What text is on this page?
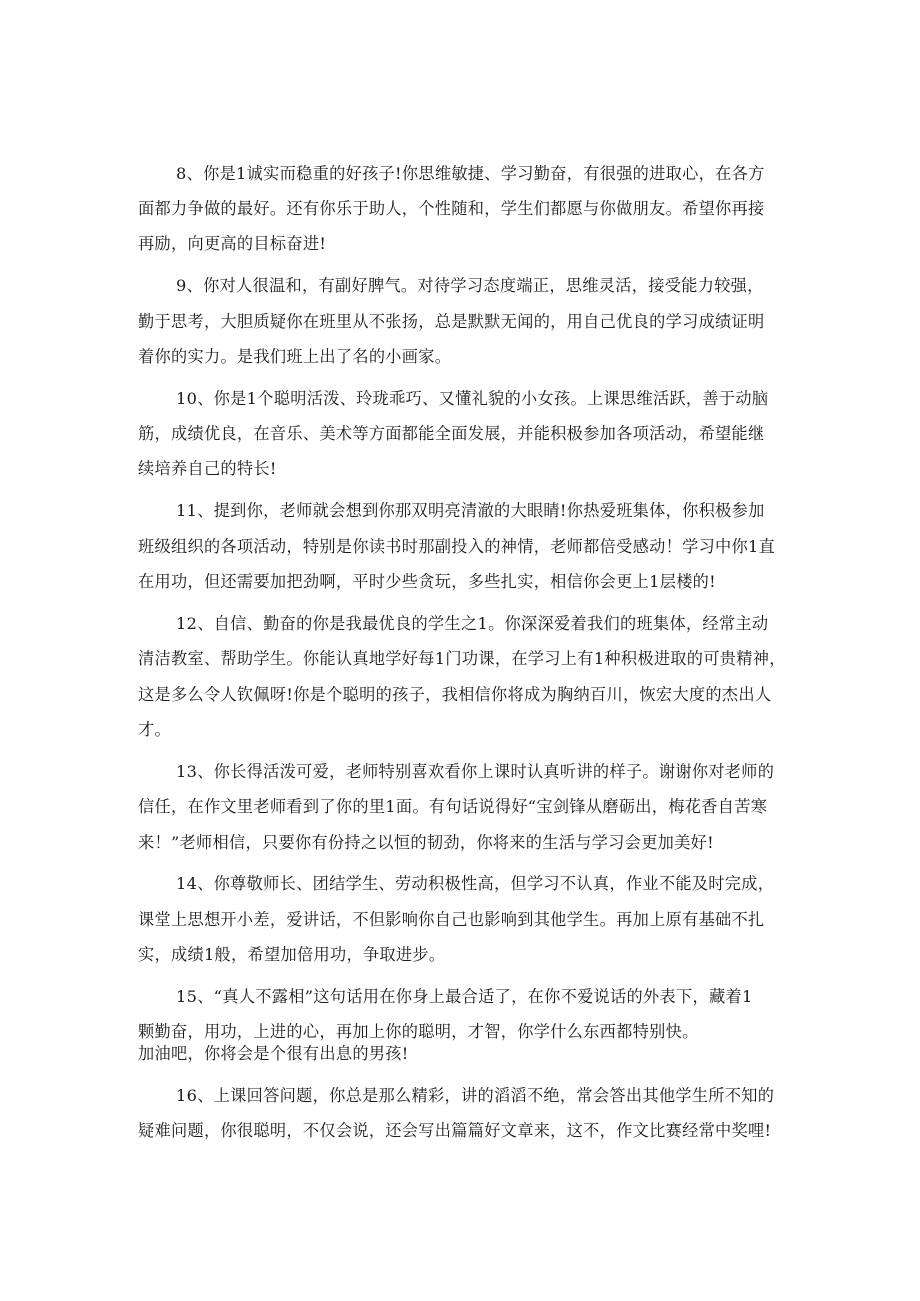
8、你是1诚实而稳重的好孩子!你思维敏捷、学习勤奋，有很强的进取心，在各方
面都力争做的最好。还有你乐于助人，个性随和，学生们都愿与你做朋友。希望你再接
再励，向更高的目标奋进!
9、你对人很温和，有副好脾气。对待学习态度端正，思维灵活，接受能力较强，
勤于思考，大胆质疑你在班里从不张扬，总是默默无闻的，用自己优良的学习成绩证明
着你的实力。是我们班上出了名的小画家。
10、你是1个聪明活泼、玲珑乖巧、又懂礼貌的小女孩。上课思维活跃，善于动脑
筋，成绩优良，在音乐、美术等方面都能全面发展，并能积极参加各项活动，希望能继
续培养自己的特长!
11、提到你，老师就会想到你那双明亮清澈的大眼睛!你热爱班集体，你积极参加
班级组织的各项活动，特别是你读书时那副投入的神情，老师都倍受感动！学习中你1直
在用功，但还需要加把劲啊，平时少些贪玩，多些扎实，相信你会更上1层楼的!
12、自信、勤奋的你是我最优良的学生之1。你深深爱着我们的班集体，经常主动
清洁教室、帮助学生。你能认真地学好每1门功课，在学习上有1种积极进取的可贵精神，
这是多么令人钦佩呀!你是个聪明的孩子，我相信你将成为胸纳百川，恢宏大度的杰出人
才。
13、你长得活泼可爱，老师特别喜欢看你上课时认真听讲的样子。谢谢你对老师的
信任，在作文里老师看到了你的里1面。有句话说得好“宝剑锋从磨砺出，梅花香自苦寒
来！”老师相信，只要你有份持之以恒的韧劲，你将来的生活与学习会更加美好!
14、你尊敬师长、团结学生、劳动积极性高，但学习不认真，作业不能及时完成，
课堂上思想开小差，爱讲话，不但影响你自己也影响到其他学生。再加上原有基础不扎
实，成绩1般，希望加倍用功，争取进步。
15、“真人不露相”这句话用在你身上最合适了，在你不爱说话的外表下，藏着1
颗勤奋，用功，上进的心，再加上你的聪明，才智，你学什么东西都特别快。
加油吧，你将会是个很有出息的男孩!
16、上课回答问题，你总是那么精彩，讲的滔滔不绝，常会答出其他学生所不知的
疑难问题，你很聪明，不仅会说，还会写出篇篇好文章来，这不，作文比赛经常中奖哩!
